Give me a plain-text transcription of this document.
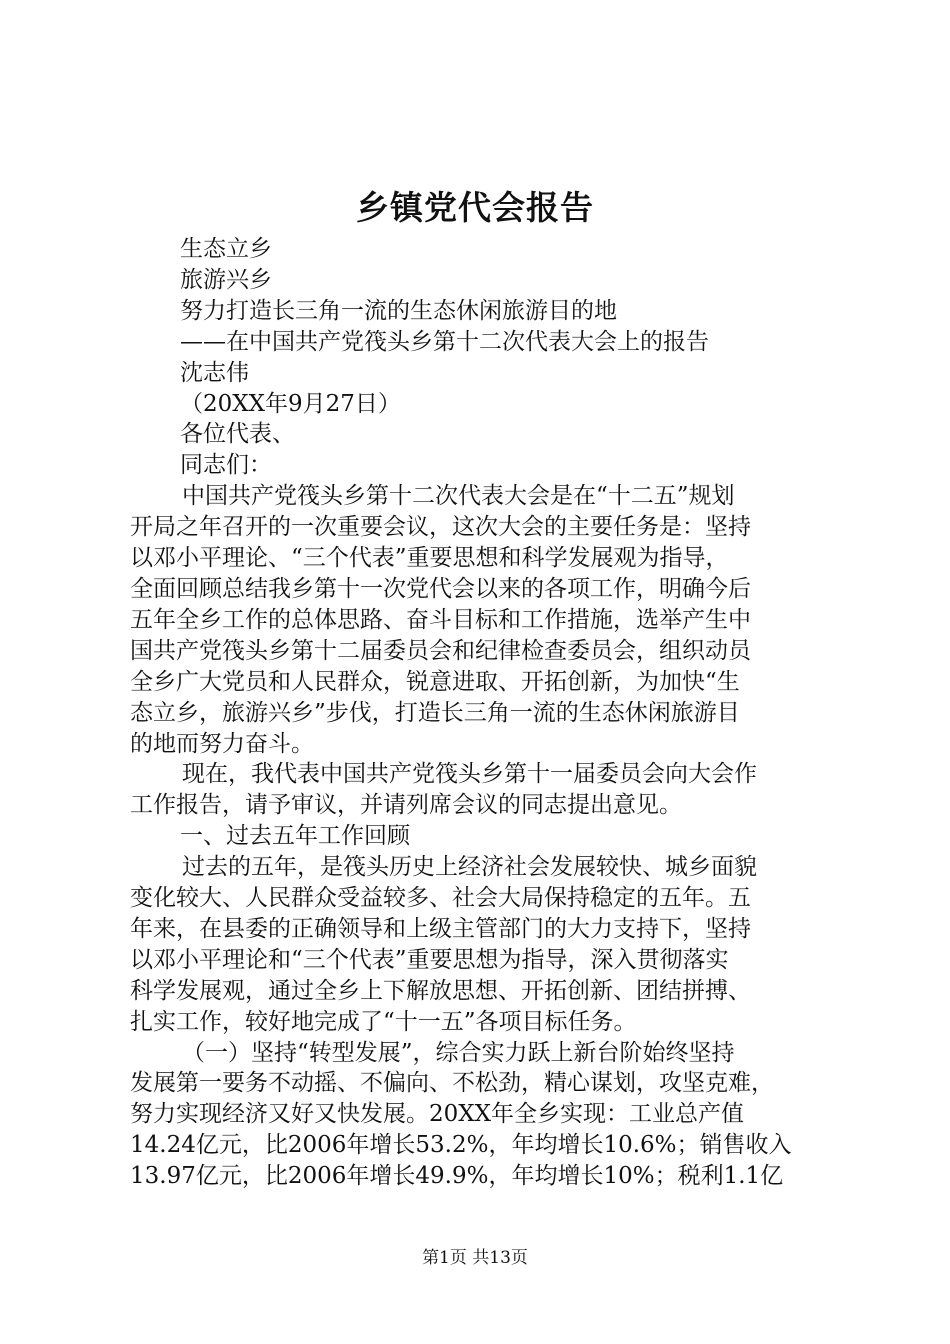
乡镇党代会报告
生态立乡
旅游兴乡
努力打造长三角一流的生态休闲旅游目的地
——在中国共产党筏头乡第十二次代表大会上的报告
沈志伟
（20XX年9月27日）
各位代表、
同志们：
中国共产党筏头乡第十二次代表大会是在“十二五”规划
开局之年召开的一次重要会议，这次大会的主要任务是：坚持
以邓小平理论、“三个代表”重要思想和科学发展观为指导，
全面回顾总结我乡第十一次党代会以来的各项工作，明确今后
五年全乡工作的总体思路、奋斗目标和工作措施，选举产生中
国共产党筏头乡第十二届委员会和纪律检查委员会，组织动员
全乡广大党员和人民群众，锐意进取、开拓创新，为加快“生
态立乡，旅游兴乡”步伐，打造长三角一流的生态休闲旅游目
的地而努力奋斗。
现在，我代表中国共产党筏头乡第十一届委员会向大会作
工作报告，请予审议，并请列席会议的同志提出意见。
一、过去五年工作回顾
过去的五年，是筏头历史上经济社会发展较快、城乡面貌
变化较大、人民群众受益较多、社会大局保持稳定的五年。五
年来，在县委的正确领导和上级主管部门的大力支持下，坚持
以邓小平理论和“三个代表”重要思想为指导，深入贯彻落实
科学发展观，通过全乡上下解放思想、开拓创新、团结拼搏、
扎实工作，较好地完成了“十一五”各项目标任务。
（一）坚持“转型发展”，综合实力跃上新台阶始终坚持
发展第一要务不动摇、不偏向、不松劲，精心谋划，攻坚克难，
努力实现经济又好又快发展。20XX年全乡实现：工业总产值
14.24亿元，比2006年增长53.2%，年均增长10.6%；销售收入
13.97亿元，比2006年增长49.9%，年均增长10%；税利1.1亿
第1页 共13页
